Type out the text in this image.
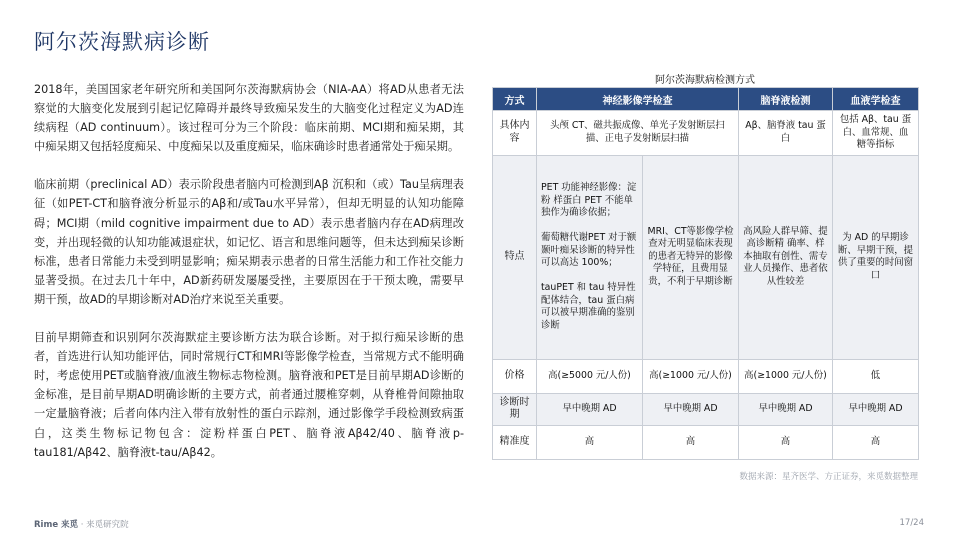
阿尔茨海默病诊断

2018年，美国国家老年研究所和美国阿尔茨海默病协会（NIA-AA）将AD从患者无法察觉的大脑变化发展到引起记忆障碍并最终导致痴呆发生的大脑变化过程定义为AD连续病程（AD continuum）。该过程可分为三个阶段：临床前期、MCI期和痴呆期，其中痴呆期又包括轻度痴呆、中度痴呆以及重度痴呆，临床确诊时患者通常处于痴呆期。

临床前期（preclinical AD）表示阶段患者脑内可检测到Aβ 沉积和（或）Tau呈病理表征（如PET-CT和脑脊液分析显示的Aβ和/或Tau水平异常），但却无明显的认知功能障碍；MCI期（mild cognitive impairment due to AD）表示患者脑内存在AD病理改变，并出现轻微的认知功能减退症状，如记忆、语言和思维问题等，但未达到痴呆诊断标准，患者日常能力未受到明显影响；痴呆期表示患者的日常生活能力和工作社交能力显著受损。在过去几十年中，AD新药研发屡屡受挫，主要原因在于干预太晚，需要早期干预，故AD的早期诊断对AD治疗来说至关重要。

目前早期筛查和识别阿尔茨海默症主要诊断方法为联合诊断。对于拟行痴呆诊断的患者，首选进行认知功能评估，同时常规行CT和MRI等影像学检查，当常规方式不能明确时，考虑使用PET或脑脊液/血液生物标志物检测。脑脊液和PET是目前早期AD诊断的金标准，是目前早期AD明确诊断的主要方式，前者通过腰椎穿刺，从脊椎骨间隙抽取一定量脑脊液；后者向体内注入带有放射性的蛋白示踪剂，通过影像学手段检测致病蛋白，这类生物标记物包含：淀粉样蛋白PET、脑脊液Aβ42/40、脑脊液p-tau181/Aβ42、脑脊液t-tau/Aβ42。

阿尔茨海默病检测方式
方式	神经影像学检查		脑脊液检测	血液学检查
具体内容	头颅 CT、磁共振成像、单光子发射断层扫描、正电子发射断层扫描		Aβ、脑脊液 tau 蛋白	包括 Aβ、tau 蛋白、血常规、血 糖等指标
特点	PET 功能神经影像：淀粉 样蛋白 PET 不能单独作为确诊依据；

葡萄糖代谢PET 对于额颞叶痴呆诊断的特异性可以高达 100%；

tauPET 和 tau 特异性 配体结合，tau 蛋白病可以被早期准确的鉴别诊断	MRI、CT等影像学检查对无明显临床表现的患者无特异的影像学特征，且费用显贵，不利于早期诊断	高风险人群早筛、提高诊断精 确率、样本抽取有创性、需专业人员操作、患者依从性较差	为 AD 的早期诊断、早期干预，提供了重要的时间窗口
价格	高(≥5000 元/人份)	高(≥1000 元/人份)	高(≥1000 元/人份)	低
诊断时期	早中晚期 AD	早中晚期 AD	早中晚期 AD	早中晚期 AD
精准度	高	高	高	高
数据来源：星齐医学、方正证券，来觅数据整理
Rime 来觅 · 来觅研究院	17/24
